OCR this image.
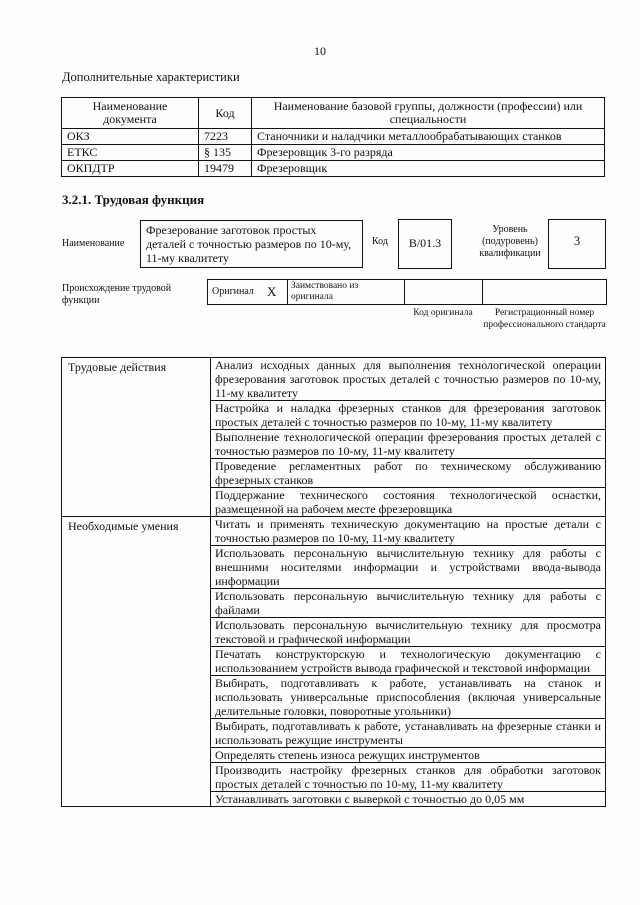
10
Дополнительные характеристики
Наименование документа	Код	Наименование базовой группы, должности (профессии) или специальности
ОКЗ	7223	Станочники и наладчики металлообрабатывающих станков
ЕТКС	§ 135	Фрезеровщик 3-го разряда
ОКПДТР	19479	Фрезеровщик
3.2.1. Трудовая функция
Наименование
Фрезерование заготовок простых деталей с точностью размеров по 10-му, 11-му квалитету
Код	B/01.3
Уровень (подуровень) квалификации
3
Происхождение трудовой функции
Оригинал X	Заимствовано из оригинала
Код оригинала	Регистрационный номер профессионального стандарта
Трудовые действия	Анализ исходных данных для выполнения технологической операции фрезерования заготовок простых деталей с точностью размеров по 10-му, 11-му квалитету
	Настройка и наладка фрезерных станков для фрезерования заготовок простых деталей с точностью размеров по 10-му, 11-му квалитету
	Выполнение технологической операции фрезерования простых деталей с точностью размеров по 10-му, 11-му квалитету
	Проведение регламентных работ по техническому обслуживанию фрезерных станков
	Поддержание технического состояния технологической оснастки, размещенной на рабочем месте фрезеровщика
Необходимые умения	Читать и применять техническую документацию на простые детали с точностью размеров по 10-му, 11-му квалитету
	Использовать персональную вычислительную технику для работы с внешними носителями информации и устройствами ввода-вывода информации
	Использовать персональную вычислительную технику для работы с файлами
	Использовать персональную вычислительную технику для просмотра текстовой и графической информации
	Печатать конструкторскую и технологическую документацию с использованием устройств вывода графической и текстовой информации
	Выбирать, подготавливать к работе, устанавливать на станок и использовать универсальные приспособления (включая универсальные делительные головки, поворотные угольники)
	Выбирать, подготавливать к работе, устанавливать на фрезерные станки и использовать режущие инструменты
	Определять степень износа режущих инструментов
	Производить настройку фрезерных станков для обработки заготовок простых деталей с точностью по 10-му, 11-му квалитету
	Устанавливать заготовки с выверкой с точностью до 0,05 мм
